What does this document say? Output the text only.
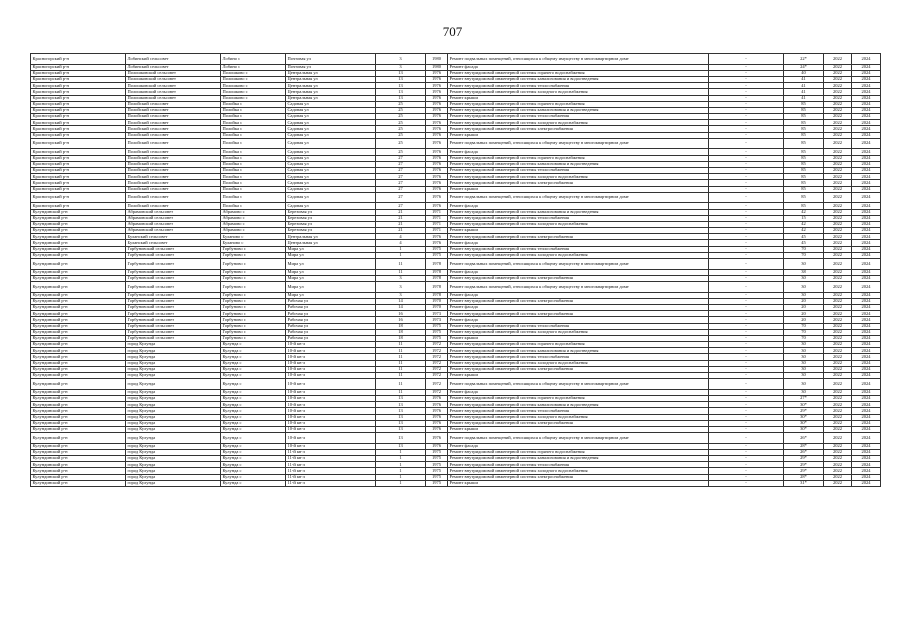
707
Красногорский р-н	Лобинский сельсовет	Лобино с	Почтовая ул	3	1980	Ремонт подвальных помещений, относящихся к общему имуществу в многоквартирном доме	-	22*	2022	2024
Красногорский р-н	Лобинский сельсовет	Лобино с	Почтовая ул	3	1980	Ремонт фасада	-	24*	2022	2024
Красногорский р-н	Полошковский сельсовет	Полошково с	Центральная ул	13	1976	Ремонт внутридомовой инженерной системы горячего водоснабжения	-	40	2022	2024
Красногорский р-н	Полошковский сельсовет	Полошково с	Центральная ул	13	1976	Ремонт внутридомовой инженерной системы канализования и водоотведения	-	41	2022	2024
Красногорский р-н	Полошковский сельсовет	Полошково с	Центральная ул	13	1976	Ремонт внутридомовой инженерной системы теплоснабжения	-	41	2022	2024
Красногорский р-н	Полошковский сельсовет	Полошково с	Центральная ул	13	1976	Ремонт внутридомовой инженерной системы холодного водоснабжения	-	41	2022	2024
Красногорский р-н	Полошковский сельсовет	Полошково с	Центральная ул	13	1976	Ремонт крыши	-	41	2022	2024
Красногорский р-н	Полойский сельсовет	Полойка с	Садовая ул	25	1976	Ремонт внутридомовой инженерной системы горячего водоснабжения	-	85	2022	2024
Красногорский р-н	Полойский сельсовет	Полойка с	Садовая ул	25	1976	Ремонт внутридомовой инженерной системы канализования и водоотведения	-	85	2022	2024
Красногорский р-н	Полойский сельсовет	Полойка с	Садовая ул	25	1976	Ремонт внутридомовой инженерной системы теплоснабжения	-	85	2022	2024
Красногорский р-н	Полойский сельсовет	Полойка с	Садовая ул	25	1976	Ремонт внутридомовой инженерной системы холодного водоснабжения	-	85	2022	2024
Красногорский р-н	Полойский сельсовет	Полойка с	Садовая ул	25	1976	Ремонт внутридомовой инженерной системы электроснабжения	-	85	2022	2024
Красногорский р-н	Полойский сельсовет	Полойка с	Садовая ул	25	1976	Ремонт крыши	-	85	2022	2024
Красногорский р-н	Полойский сельсовет	Полойка с	Садовая ул	25	1976	Ремонт подвальных помещений, относящихся к общему имуществу в многоквартирном доме	-	85	2022	2024
Красногорский р-н	Полойский сельсовет	Полойка с	Садовая ул	25	1976	Ремонт фасада	-	85	2022	2024
Красногорский р-н	Полойский сельсовет	Полойка с	Садовая ул	27	1976	Ремонт внутридомовой инженерной системы горячего водоснабжения	-	85	2022	2024
Красногорский р-н	Полойский сельсовет	Полойка с	Садовая ул	27	1976	Ремонт внутридомовой инженерной системы канализования и водоотведения	-	85	2022	2024
Красногорский р-н	Полойский сельсовет	Полойка с	Садовая ул	27	1976	Ремонт внутридомовой инженерной системы теплоснабжения	-	85	2022	2024
Красногорский р-н	Полойский сельсовет	Полойка с	Садовая ул	27	1976	Ремонт внутридомовой инженерной системы холодного водоснабжения	-	85	2022	2024
Красногорский р-н	Полойский сельсовет	Полойка с	Садовая ул	27	1976	Ремонт внутридомовой инженерной системы электроснабжения	-	85	2022	2024
Красногорский р-н	Полойский сельсовет	Полойка с	Садовая ул	27	1976	Ремонт крыши	-	85	2022	2024
Красногорский р-н	Полойский сельсовет	Полойка с	Садовая ул	27	1976	Ремонт подвальных помещений, относящихся к общему имуществу в многоквартирном доме	-	85	2022	2024
Красногорский р-н	Полойский сельсовет	Полойка с	Садовая ул	27	1976	Ремонт фасада	-	85	2022	2024
Кулундинский р-н	Абрамовский сельсовет	Абрамово с	Березовая ул	21	1971	Ремонт внутридомовой инженерной системы канализования и водоотведения	-	42	2022	2024
Кулундинский р-н	Абрамовский сельсовет	Абрамово с	Березовая ул	21	1971	Ремонт внутридомовой инженерной системы теплоснабжения	-	15	2022	2024
Кулундинский р-н	Абрамовский сельсовет	Абрамово с	Березовая ул	21	1971	Ремонт внутридомовой инженерной системы холодного водоснабжения	-	42	2022	2024
Кулундинский р-н	Абрамовский сельсовет	Абрамово с	Березовая ул	21	1971	Ремонт крыши	-	42	2022	2024
Кулундинский р-н	Буланский сельсовет	Буланово с	Центральная ул	4	1976	Ремонт внутридомовой инженерной системы электроснабжения	-	45	2022	2024
Кулундинский р-н	Буланский сельсовет	Буланово с	Центральная ул	4	1976	Ремонт фасада	-	45	2022	2024
Кулундинский р-н	Горбуновский сельсовет	Горбуново с	Мира ул	1	1975	Ремонт внутридомовой инженерной системы теплоснабжения	-	70	2022	2024
Кулундинский р-н	Горбуновский сельсовет	Горбуново с	Мира ул	1	1975	Ремонт внутридомовой инженерной системы холодного водоснабжения	-	70	2022	2024
Кулундинский р-н	Горбуновский сельсовет	Горбуново с	Мира ул	11	1978	Ремонт подвальных помещений, относящихся к общему имуществу в многоквартирном доме	-	30	2022	2024
Кулундинский р-н	Горбуновский сельсовет	Горбуново с	Мира ул	11	1978	Ремонт фасада	-	38	2022	2024
Кулундинский р-н	Горбуновский сельсовет	Горбуново с	Мира ул	3	1978	Ремонт внутридомовой инженерной системы электроснабжения	-	30	2022	2024
Кулундинский р-н	Горбуновский сельсовет	Горбуново с	Мира ул	3	1978	Ремонт подвальных помещений, относящихся к общему имуществу в многоквартирном доме	-	30	2022	2024
Кулундинский р-н	Горбуновский сельсовет	Горбуново с	Мира ул	3	1978	Ремонт фасада	-	30	2022	2024
Кулундинский р-н	Горбуновский сельсовет	Горбуново с	Рабочая ул	14	1970	Ремонт внутридомовой инженерной системы электроснабжения	-	20	2022	2024
Кулундинский р-н	Горбуновский сельсовет	Горбуново с	Рабочая ул	14	1970	Ремонт фасада	-	20	2022	2024
Кулундинский р-н	Горбуновский сельсовет	Горбуново с	Рабочая ул	16	1973	Ремонт внутридомовой инженерной системы электроснабжения	-	20	2022	2024
Кулундинский р-н	Горбуновский сельсовет	Горбуново с	Рабочая ул	16	1973	Ремонт фасада	-	20	2022	2024
Кулундинский р-н	Горбуновский сельсовет	Горбуново с	Рабочая ул	18	1975	Ремонт внутридомовой инженерной системы теплоснабжения	-	70	2022	2024
Кулундинский р-н	Горбуновский сельсовет	Горбуново с	Рабочая ул	18	1975	Ремонт внутридомовой инженерной системы холодного водоснабжения	-	70	2022	2024
Кулундинский р-н	Горбуновский сельсовет	Горбуново с	Рабочая ул	18	1975	Ремонт крыши	-	70	2022	2024
Кулундинский р-н	город Кулунда	Кулунда с	10-й кв-л	11	1972	Ремонт внутридомовой инженерной системы горячего водоснабжения	-	30	2022	2024
Кулундинский р-н	город Кулунда	Кулунда с	10-й кв-л	11	1972	Ремонт внутридомовой инженерной системы канализования и водоотведения	-	30	2022	2024
Кулундинский р-н	город Кулунда	Кулунда с	10-й кв-л	11	1972	Ремонт внутридомовой инженерной системы теплоснабжения	-	30	2022	2024
Кулундинский р-н	город Кулунда	Кулунда с	10-й кв-л	11	1972	Ремонт внутридомовой инженерной системы холодного водоснабжения	-	30	2022	2024
Кулундинский р-н	город Кулунда	Кулунда с	10-й кв-л	11	1972	Ремонт внутридомовой инженерной системы электроснабжения	-	30	2022	2024
Кулундинский р-н	город Кулунда	Кулунда с	10-й кв-л	11	1972	Ремонт крыши	-	30	2022	2024
Кулундинский р-н	город Кулунда	Кулунда с	10-й кв-л	11	1972	Ремонт подвальных помещений, относящихся к общему имуществу в многоквартирном доме	-	30	2022	2024
Кулундинский р-н	город Кулунда	Кулунда с	10-й кв-л	11	1972	Ремонт фасада	-	30	2022	2024
Кулундинский р-н	город Кулунда	Кулунда с	10-й кв-л	13	1976	Ремонт внутридомовой инженерной системы горячего водоснабжения	-	27*	2022	2024
Кулундинский р-н	город Кулунда	Кулунда с	10-й кв-л	13	1976	Ремонт внутридомовой инженерной системы канализования и водоотведения	-	30*	2022	2024
Кулундинский р-н	город Кулунда	Кулунда с	10-й кв-л	13	1976	Ремонт внутридомовой инженерной системы теплоснабжения	-	29*	2022	2024
Кулундинский р-н	город Кулунда	Кулунда с	10-й кв-л	13	1976	Ремонт внутридомовой инженерной системы холодного водоснабжения	-	30*	2022	2024
Кулундинский р-н	город Кулунда	Кулунда с	10-й кв-л	13	1976	Ремонт внутридомовой инженерной системы электроснабжения	-	30*	2022	2024
Кулундинский р-н	город Кулунда	Кулунда с	10-й кв-л	13	1976	Ремонт крыши	-	30*	2022	2024
Кулундинский р-н	город Кулунда	Кулунда с	10-й кв-л	13	1976	Ремонт подвальных помещений, относящихся к общему имуществу в многоквартирном доме	-	26*	2022	2024
Кулундинский р-н	город Кулунда	Кулунда с	10-й кв-л	13	1976	Ремонт фасада	-	28*	2022	2024
Кулундинский р-н	город Кулунда	Кулунда с	11-й кв-л	1	1975	Ремонт внутридомовой инженерной системы горячего водоснабжения	-	26*	2022	2024
Кулундинский р-н	город Кулунда	Кулунда с	11-й кв-л	1	1975	Ремонт внутридомовой инженерной системы канализования и водоотведения	-	29*	2022	2024
Кулундинский р-н	город Кулунда	Кулунда с	11-й кв-л	1	1975	Ремонт внутридомовой инженерной системы теплоснабжения	-	29*	2022	2024
Кулундинский р-н	город Кулунда	Кулунда с	11-й кв-л	1	1975	Ремонт внутридомовой инженерной системы холодного водоснабжения	-	29*	2022	2024
Кулундинский р-н	город Кулунда	Кулунда с	11-й кв-л	1	1975	Ремонт внутридомовой инженерной системы электроснабжения	-	28*	2022	2024
Кулундинский р-н	город Кулунда	Кулунда с	11-й кв-л	1	1975	Ремонт крыши	-	31*	2022	2024
